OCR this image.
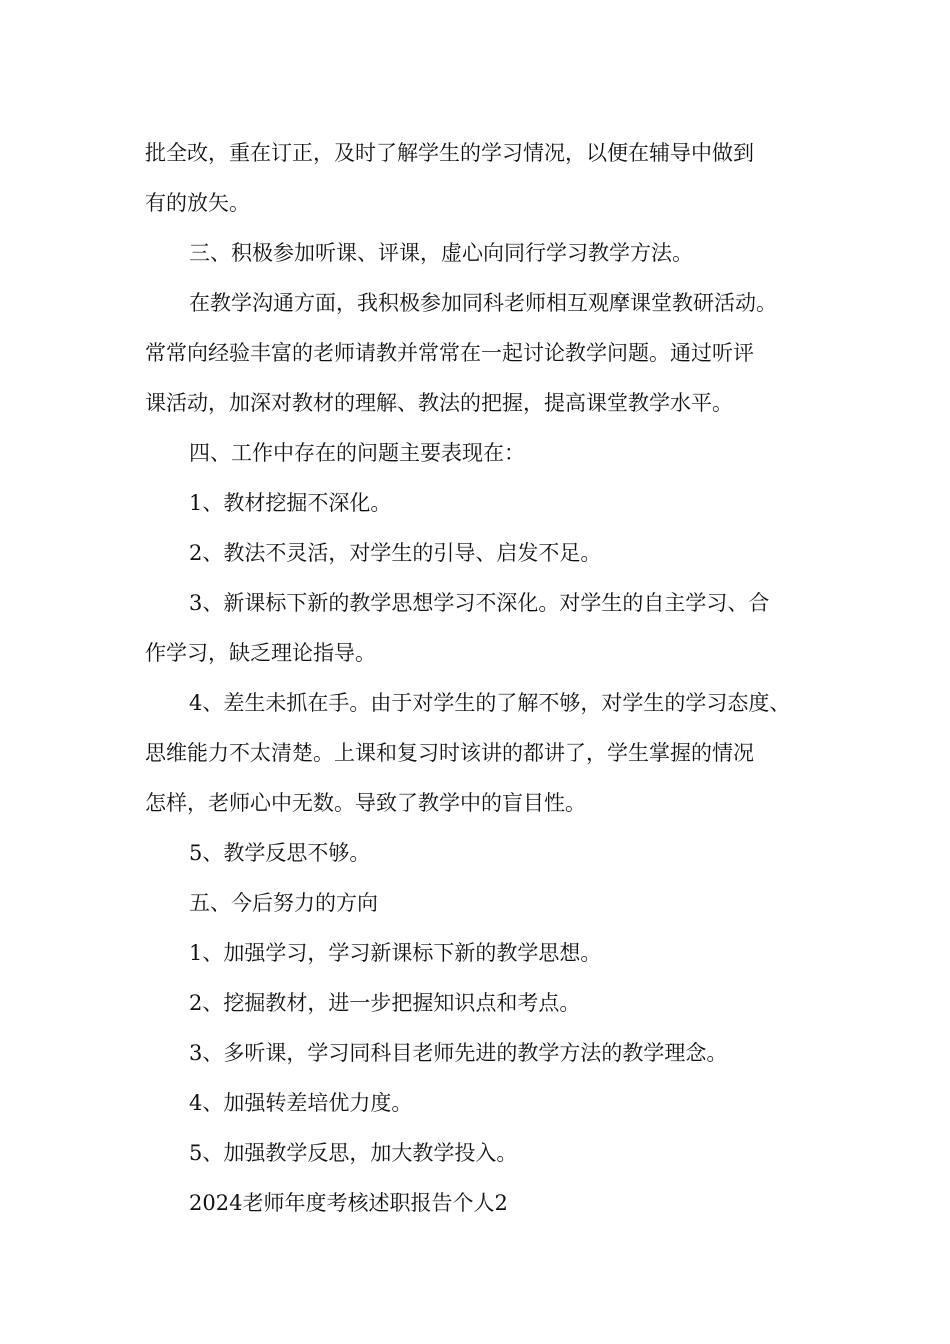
批全改，重在订正，及时了解学生的学习情况，以便在辅导中做到
有的放矢。
三、积极参加听课、评课，虚心向同行学习教学方法。
在教学沟通方面，我积极参加同科老师相互观摩课堂教研活动。
常常向经验丰富的老师请教并常常在一起讨论教学问题。通过听评
课活动，加深对教材的理解、教法的把握，提高课堂教学水平。
四、工作中存在的问题主要表现在：
1、教材挖掘不深化。
2、教法不灵活，对学生的引导、启发不足。
3、新课标下新的教学思想学习不深化。对学生的自主学习、合
作学习，缺乏理论指导。
4、差生未抓在手。由于对学生的了解不够，对学生的学习态度、
思维能力不太清楚。上课和复习时该讲的都讲了，学生掌握的情况
怎样，老师心中无数。导致了教学中的盲目性。
5、教学反思不够。
五、今后努力的方向
1、加强学习，学习新课标下新的教学思想。
2、挖掘教材，进一步把握知识点和考点。
3、多听课，学习同科目老师先进的教学方法的教学理念。
4、加强转差培优力度。
5、加强教学反思，加大教学投入。
2024老师年度考核述职报告个人2
